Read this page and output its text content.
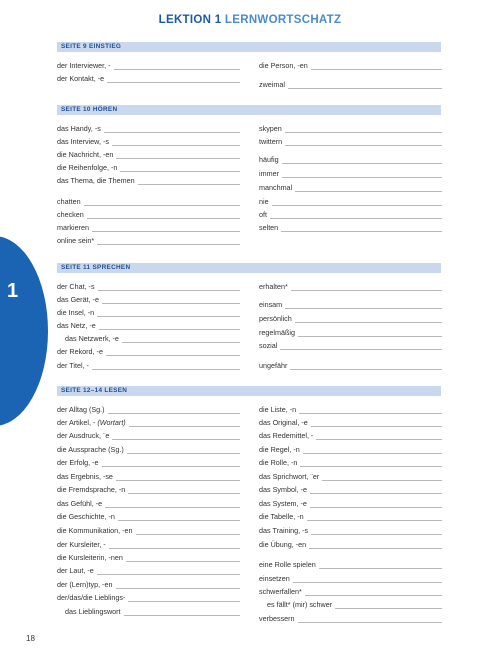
LEKTION 1 LERNWORTSCHATZ
1
SEITE 9 EINSTIEG
der Interviewer, -
der Kontakt, -e
die Person, -en
zweimal
SEITE 10 HÖREN
das Handy, -s
das Interview, -s
die Nachricht, -en
die Reihenfolge, -n
das Thema, die Themen
chatten
checken
markieren
online sein*
skypen
twittern
häufig
immer
manchmal
nie
oft
selten
SEITE 11 SPRECHEN
der Chat, -s
das Gerät, -e
die Insel, -n
das Netz, -e
das Netzwerk, -e
der Rekord, -e
der Titel, -
erhalten*
einsam
persönlich
regelmäßig
sozial
ungefähr
SEITE 12–14 LESEN
der Alltag (Sg.)
der Artikel, -
(Wortart)
der Ausdruck, ¨e
die Aussprache (Sg.)
der Erfolg, -e
das Ergebnis, -se
die Fremdsprache, -n
das Gefühl, -e
die Geschichte, -n
die Kommunikation, -en
der Kursleiter, -
die Kursleiterin, -nen
der Laut, -e
der (Lern)typ, -en
der/das/die Lieblings-
das Lieblingswort
die Liste, -n
das Original, -e
das Redemittel, -
die Regel, -n
die Rolle, -n
das Sprichwort, ¨er
das Symbol, -e
das System, -e
die Tabelle, -n
das Training, -s
die Übung, -en
eine Rolle spielen
einsetzen
schwerfallen*
es fällt* (mir) schwer
verbessern
18
